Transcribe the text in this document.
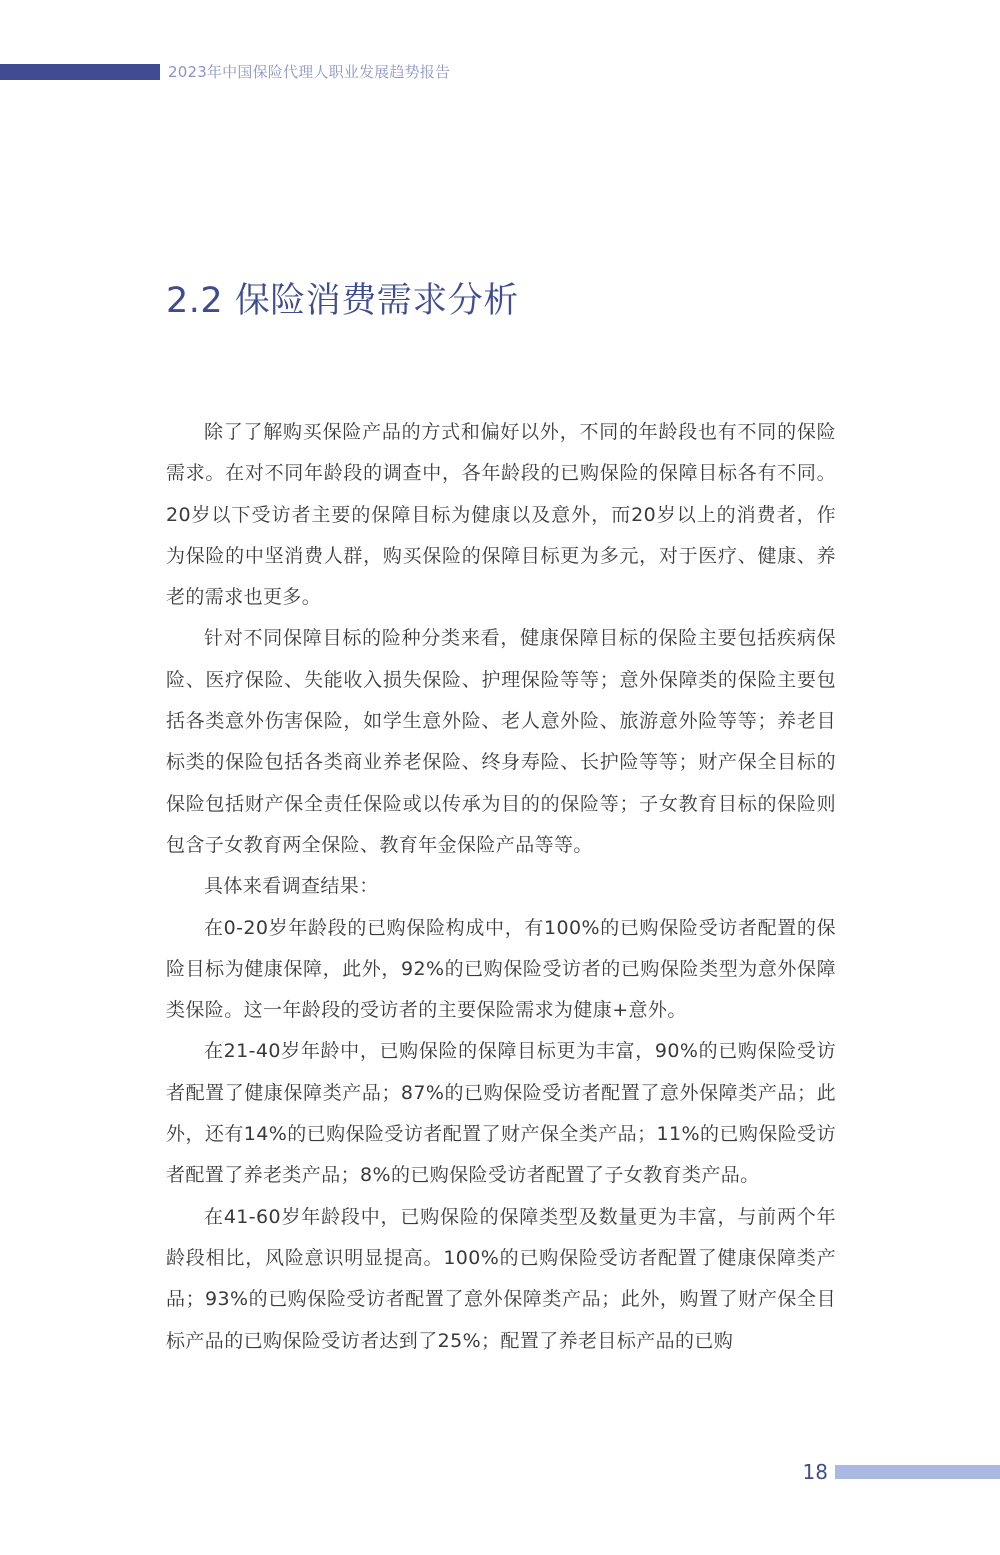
2023年中国保险代理人职业发展趋势报告
2.2 保险消费需求分析

除了了解购买保险产品的方式和偏好以外，不同的年龄段也有不同的保险需求。在对不同年龄段的调查中，各年龄段的已购保险的保障目标各有不同。20岁以下受访者主要的保障目标为健康以及意外，而20岁以上的消费者，作为保险的中坚消费人群，购买保险的保障目标更为多元，对于医疗、健康、养老的需求也更多。

针对不同保障目标的险种分类来看，健康保障目标的保险主要包括疾病保险、医疗保险、失能收入损失保险、护理保险等等；意外保障类的保险主要包括各类意外伤害保险，如学生意外险、老人意外险、旅游意外险等等；养老目标类的保险包括各类商业养老保险、终身寿险、长护险等等；财产保全目标的保险包括财产保全责任保险或以传承为目的的保险等；子女教育目标的保险则包含子女教育两全保险、教育年金保险产品等等。

具体来看调查结果：

在0-20岁年龄段的已购保险构成中，有100%的已购保险受访者配置的保险目标为健康保障，此外，92%的已购保险受访者的已购保险类型为意外保障类保险。这一年龄段的受访者的主要保险需求为健康+意外。

在21-40岁年龄中，已购保险的保障目标更为丰富，90%的已购保险受访者配置了健康保障类产品；87%的已购保险受访者配置了意外保障类产品；此外，还有14%的已购保险受访者配置了财产保全类产品；11%的已购保险受访者配置了养老类产品；8%的已购保险受访者配置了子女教育类产品。

在41-60岁年龄段中，已购保险的保障类型及数量更为丰富，与前两个年龄段相比，风险意识明显提高。100%的已购保险受访者配置了健康保障类产品；93%的已购保险受访者配置了意外保障类产品；此外，购置了财产保全目标产品的已购保险受访者达到了25%；配置了养老目标产品的已购

18
